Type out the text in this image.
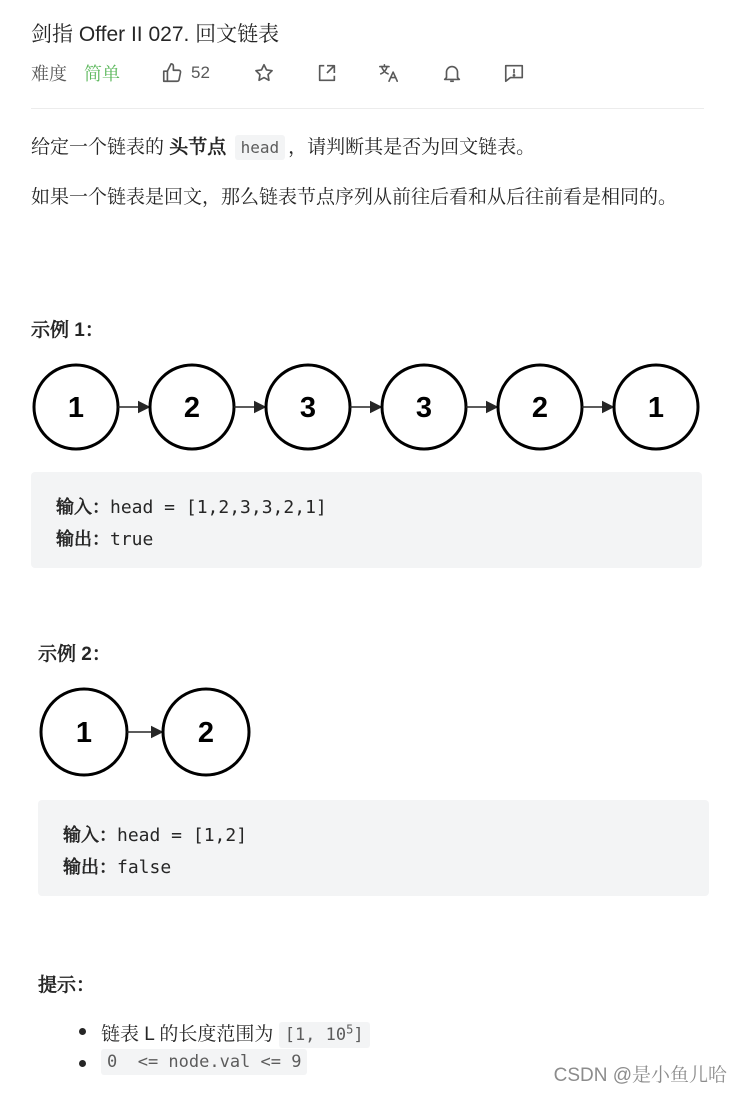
剑指 Offer II 027. 回文链表
难度 简单	52
给定一个链表的 头节点 head ，请判断其是否为回文链表。
如果一个链表是回文，那么链表节点序列从前往后看和从后往前看是相同的。
示例 1：
1	2	3	3	2	1
输入：head = [1,2,3,3,2,1]
输出：true
示例 2：
1	2
输入：head = [1,2]
输出：false
提示：
链表 L 的长度范围为 [1, $10^5$]
0  <= node.val <= 9
CSDN @是小鱼儿哈
